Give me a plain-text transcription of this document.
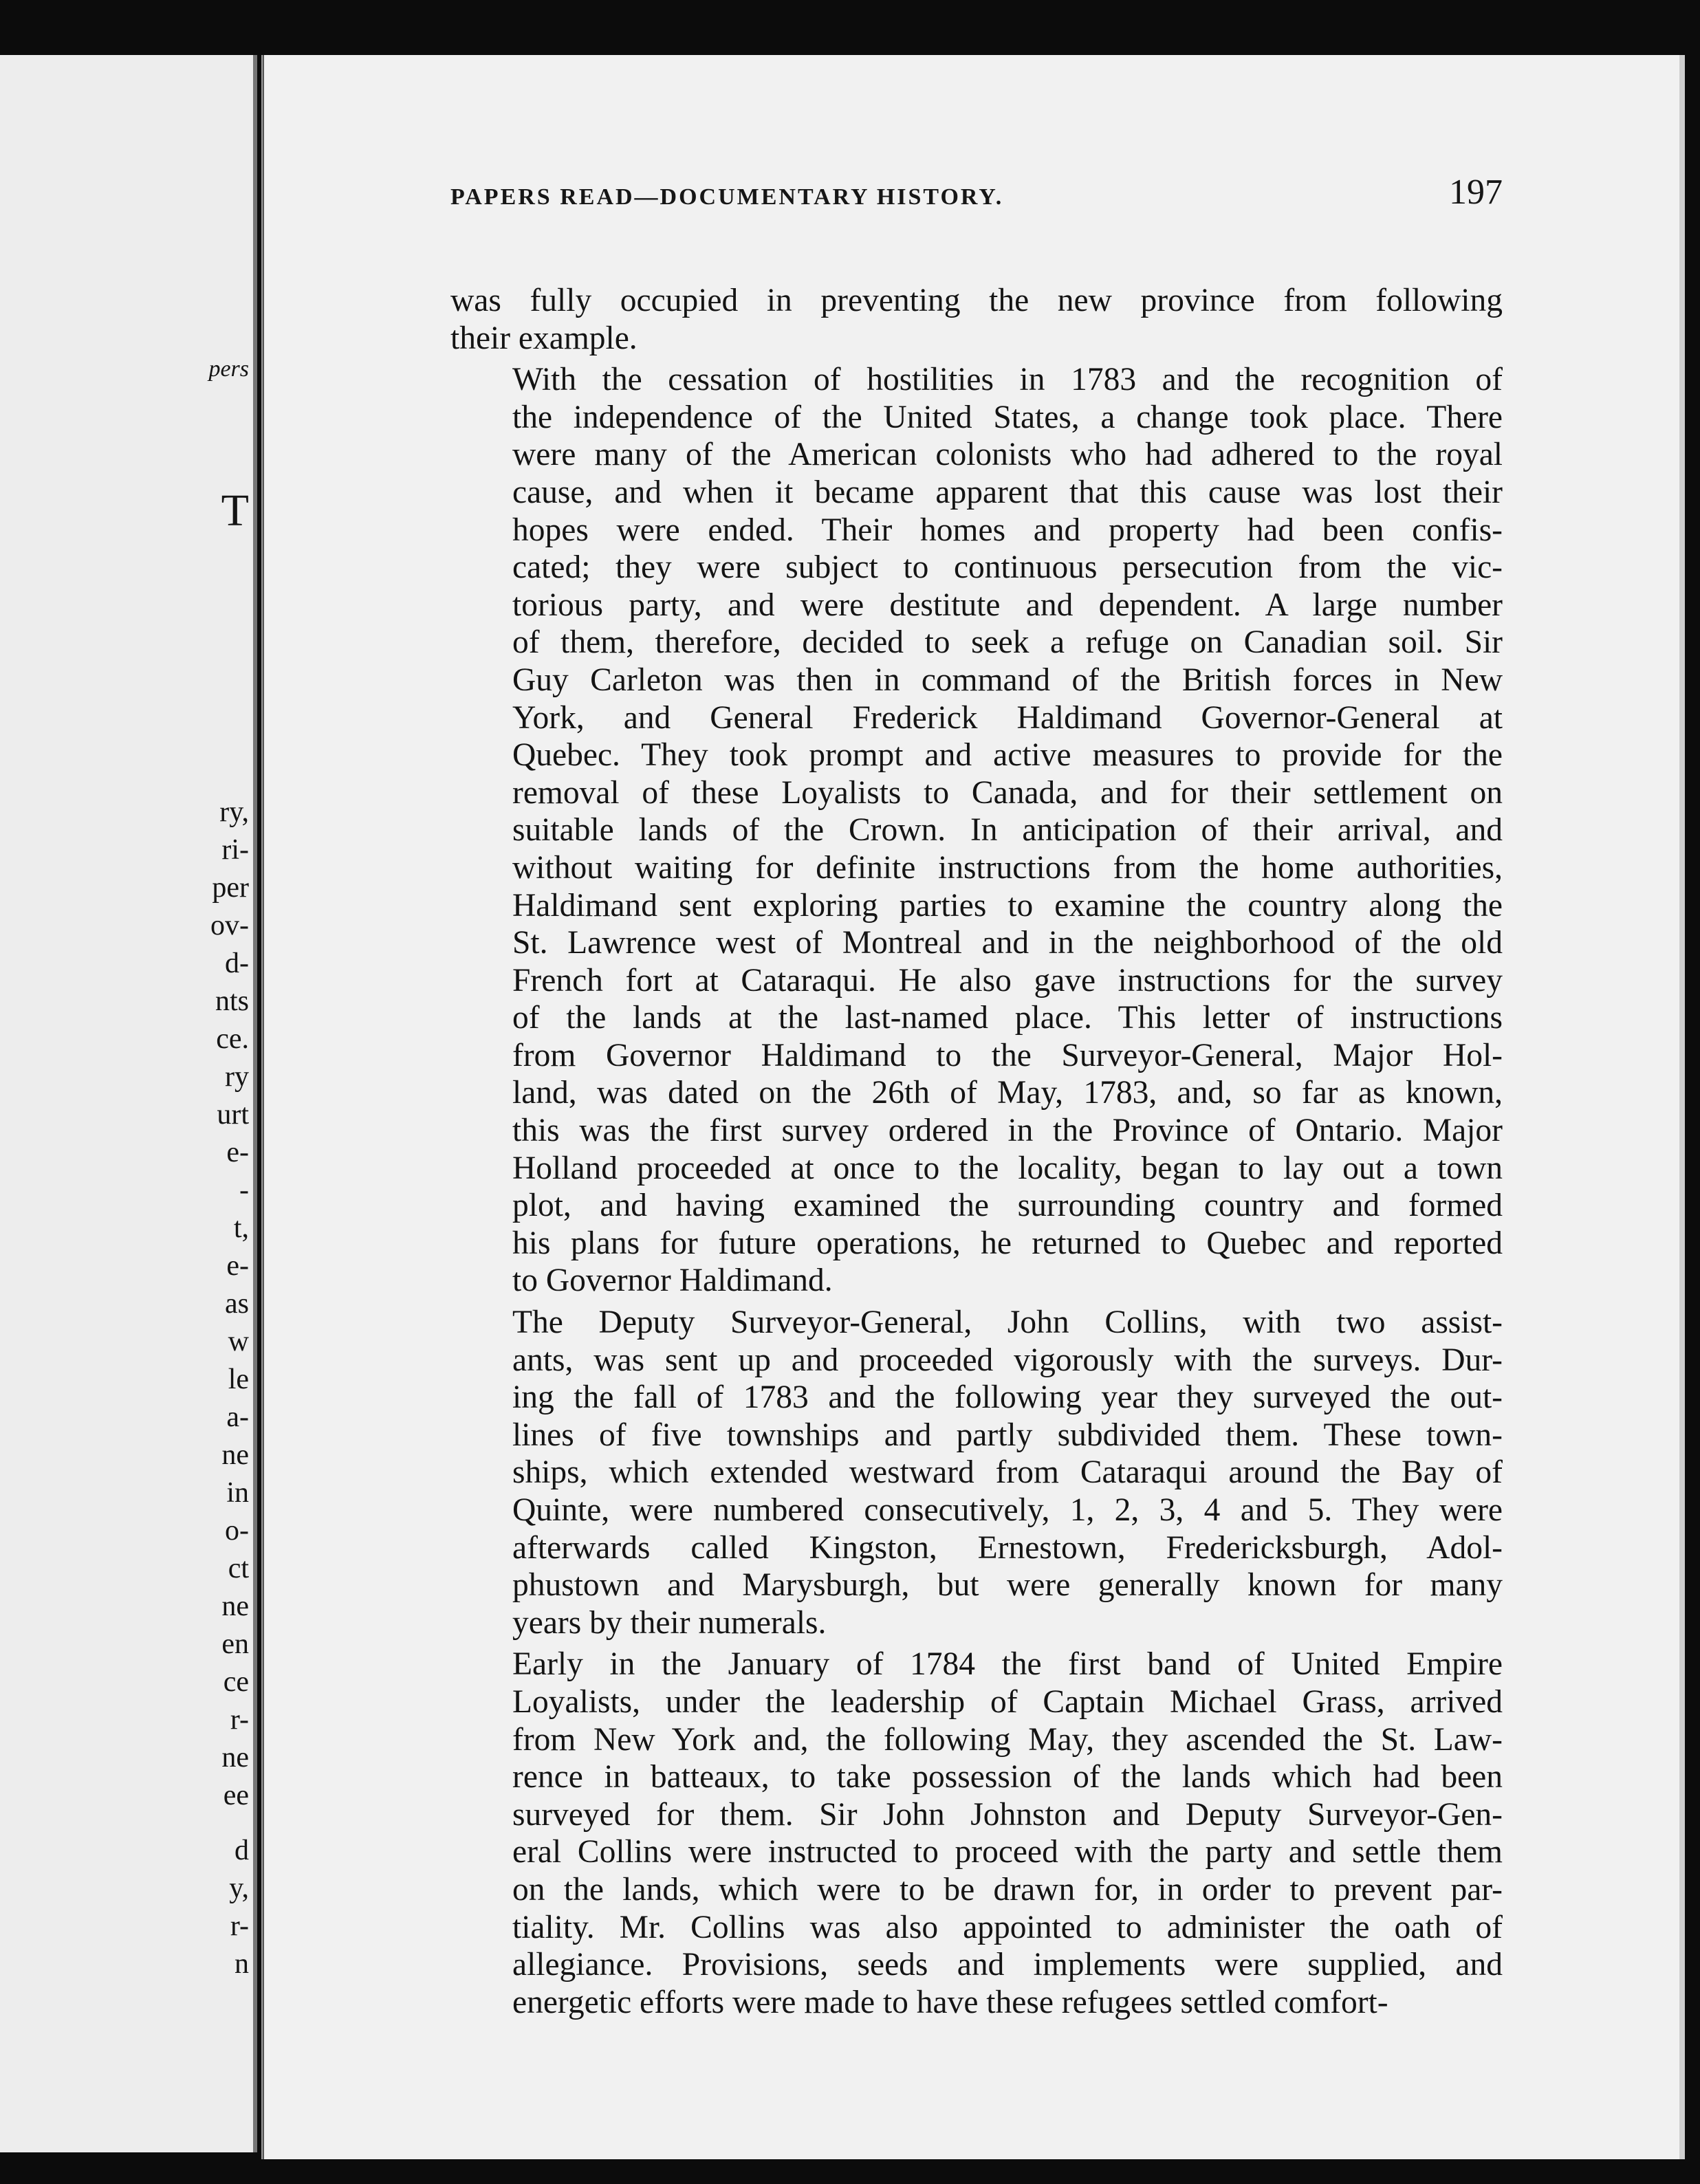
pers
T
ry,
ri-
per
ov-
d-
nts
ce.
ry
urt
e-
-
t,
e-
as
w
le
a-
ne
in
o-
ct
ne
en
ce
r-
ne
ee
d
y,
r-
n
PAPERS READ—DOCUMENTARY HISTORY.	197

was fully occupied in preventing the new province from following
their example.

With the cessation of hostilities in 1783 and the recognition of
the independence of the United States, a change took place. There
were many of the American colonists who had adhered to the royal
cause, and when it became apparent that this cause was lost their
hopes were ended. Their homes and property had been confis-
cated; they were subject to continuous persecution from the vic-
torious party, and were destitute and dependent. A large number
of them, therefore, decided to seek a refuge on Canadian soil. Sir
Guy Carleton was then in command of the British forces in New
York, and General Frederick Haldimand Governor-General at
Quebec. They took prompt and active measures to provide for the
removal of these Loyalists to Canada, and for their settlement on
suitable lands of the Crown. In anticipation of their arrival, and
without waiting for definite instructions from the home authorities,
Haldimand sent exploring parties to examine the country along the
St. Lawrence west of Montreal and in the neighborhood of the old
French fort at Cataraqui. He also gave instructions for the survey
of the lands at the last-named place. This letter of instructions
from Governor Haldimand to the Surveyor-General, Major Hol-
land, was dated on the 26th of May, 1783, and, so far as known,
this was the first survey ordered in the Province of Ontario. Major
Holland proceeded at once to the locality, began to lay out a town
plot, and having examined the surrounding country and formed
his plans for future operations, he returned to Quebec and reported
to Governor Haldimand.

The Deputy Surveyor-General, John Collins, with two assist-
ants, was sent up and proceeded vigorously with the surveys. Dur-
ing the fall of 1783 and the following year they surveyed the out-
lines of five townships and partly subdivided them. These town-
ships, which extended westward from Cataraqui around the Bay of
Quinte, were numbered consecutively, 1, 2, 3, 4 and 5. They were
afterwards called Kingston, Ernestown, Fredericksburgh, Adol-
phustown and Marysburgh, but were generally known for many
years by their numerals.

Early in the January of 1784 the first band of United Empire
Loyalists, under the leadership of Captain Michael Grass, arrived
from New York and, the following May, they ascended the St. Law-
rence in batteaux, to take possession of the lands which had been
surveyed for them. Sir John Johnston and Deputy Surveyor-Gen-
eral Collins were instructed to proceed with the party and settle them
on the lands, which were to be drawn for, in order to prevent par-
tiality. Mr. Collins was also appointed to administer the oath of
allegiance. Provisions, seeds and implements were supplied, and
energetic efforts were made to have these refugees settled comfort-
